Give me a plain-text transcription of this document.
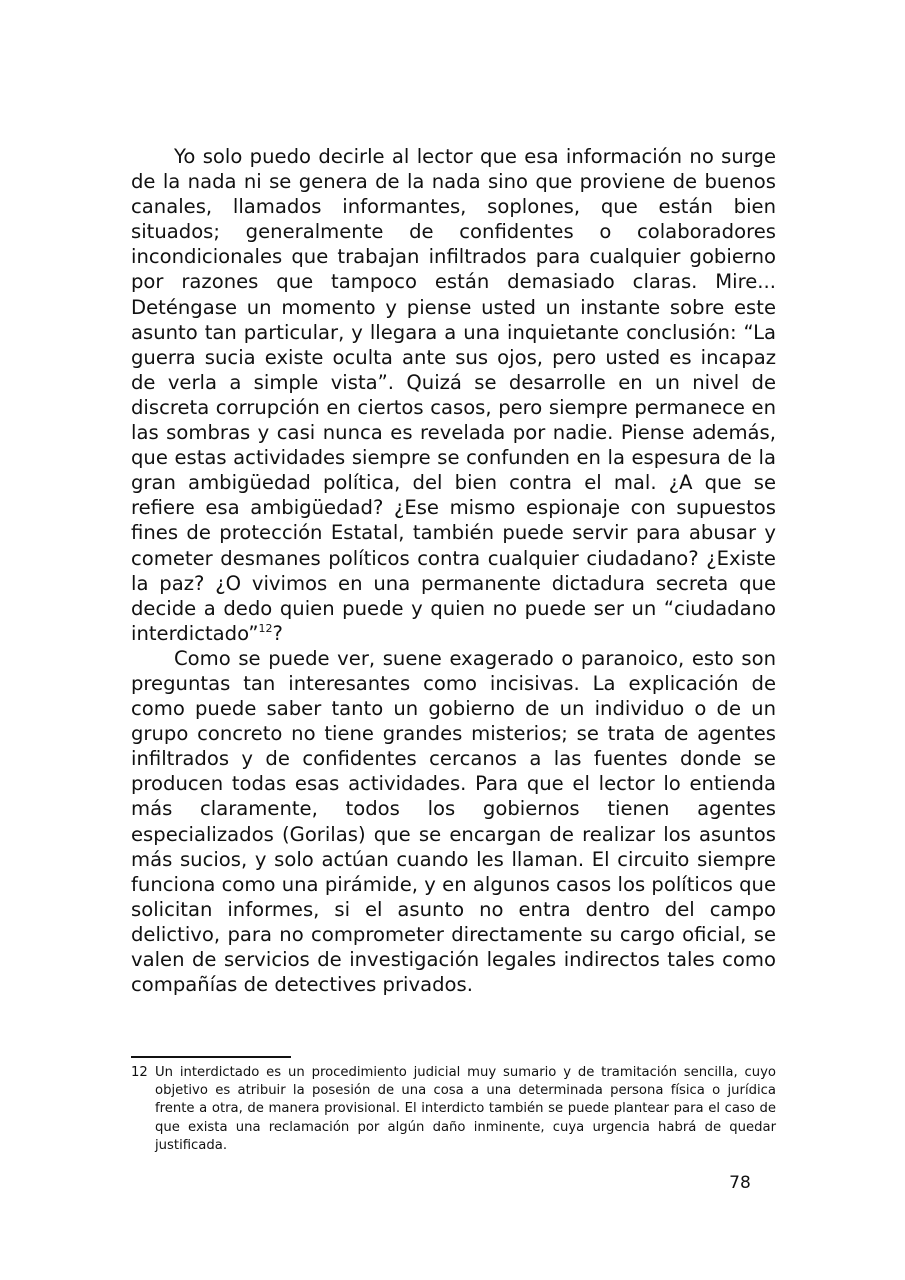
Yo solo puedo decirle al lector que esa información no surge de la nada ni se genera de la nada sino que proviene de buenos canales, llamados informantes, soplones, que están bien situados; generalmente de confidentes o colaboradores incondicionales que trabajan infiltrados para cualquier gobierno por razones que tampoco están demasiado claras. Mire... Deténgase un momento y piense usted un instante sobre este asunto tan particular, y llegara a una inquietante conclusión: “La guerra sucia existe oculta ante sus ojos, pero usted es incapaz de verla a simple vista”. Quizá se desarrolle en un nivel de discreta corrupción en ciertos casos, pero siempre permanece en las sombras y casi nunca es revelada por nadie. Piense además, que estas actividades siempre se confunden en la espesura de la gran ambigüedad política, del bien contra el mal. ¿A que se refiere esa ambigüedad? ¿Ese mismo espionaje con supuestos fines de protección Estatal, también puede servir para abusar y cometer desmanes políticos contra cualquier ciudadano? ¿Existe la paz? ¿O vivimos en una permanente dictadura secreta que decide a dedo quien puede y quien no puede ser un “ciudadano interdictado”$^{12}$?

Como se puede ver, suene exagerado o paranoico, esto son preguntas tan interesantes como incisivas. La explicación de como puede saber tanto un gobierno de un individuo o de un grupo concreto no tiene grandes misterios; se trata de agentes infiltrados y de confidentes cercanos a las fuentes donde se producen todas esas actividades. Para que el lector lo entienda más claramente, todos los gobiernos tienen agentes especializados (Gorilas) que se encargan de realizar los asuntos más sucios, y solo actúan cuando les llaman. El circuito siempre funciona como una pirámide, y en algunos casos los políticos que solicitan informes, si el asunto no entra dentro del campo delictivo, para no comprometer directamente su cargo oficial, se valen de servicios de investigación legales indirectos tales como compañías de detectives privados.

12 Un interdictado es un procedimiento judicial muy sumario y de tramitación sencilla, cuyo objetivo es atribuir la posesión de una cosa a una determinada persona física o jurídica frente a otra, de manera provisional. El interdicto también se puede plantear para el caso de que exista una reclamación por algún daño inminente, cuya urgencia habrá de quedar justificada.
78
